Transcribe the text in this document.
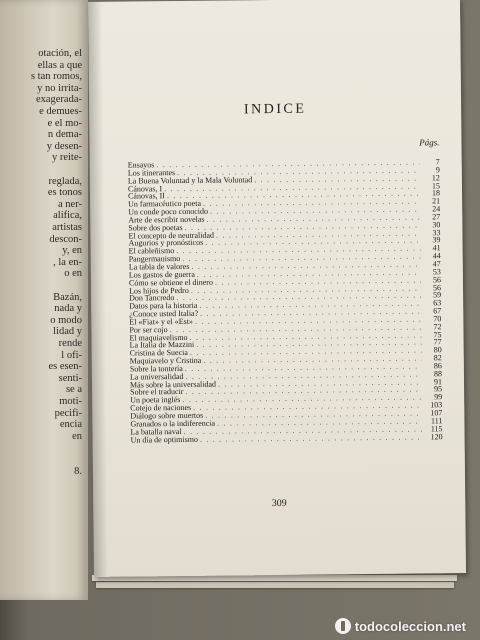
otación, el
ellas a que
s tan romos,
y no irrita-
exagerada-
e demues-
e el mo-
n dema-
y desen-
y reite-
reglada,
es tonos
a ner-
alifica,
artistas
descon-
y, en
, la en-
o en
Bazán,
nada y
o modo
lidad y
rende
l ofi-
es esen-
senti-
se a
moti-
pecifi-
encia
en
8.
INDICE
Págs.
Ensayos . . .	7
Los itinerantes . . .	9
La Buena Voluntad y la Mala Voluntad . . .	12
Cánovas, I . . .	15
Cánovas, II . . .	18
Un farmacéutico poeta . . .	21
Un conde poco conocido . . .	24
Arte de escribir novelas . . .	27
Sobre dos poetas . . .	30
El concepto de neutralidad . . .	33
Augurios y pronósticos . . .	39
El cableñismo . . .	41
Pangermanismo . . .	44
La tabla de valores . . .	47
Los gastos de guerra . . .	53
Cómo se obtiene el dinero . . .	56
Los hijos de Pedro . . .	56
Don Tancredo . . .	59
Datos para la historia . . .	63
¿Conoce usted Italia? . . .	67
El «Fiat» y el «Est» . . .	70
Por ser cojo . . .	72
El maquiavelismo . . .	75
La Italia de Mazzini . . .	77
Cristina de Suecia . . .	80
Maquiavelo y Cristina . . .	82
Sobre la tontería . . .	86
La universalidad . . .	88
Más sobre la universalidad . . .	91
Sobre el traducir . . .	95
Un poeta inglés . . .	99
Cotejo de naciones . . .	103
Diálogo sobre muertos . . .	107
Granados o la indiferencia . . .	111
La batalla naval . . .	115
Un día de optimismo . . .	120
309
todocoleccion.net
